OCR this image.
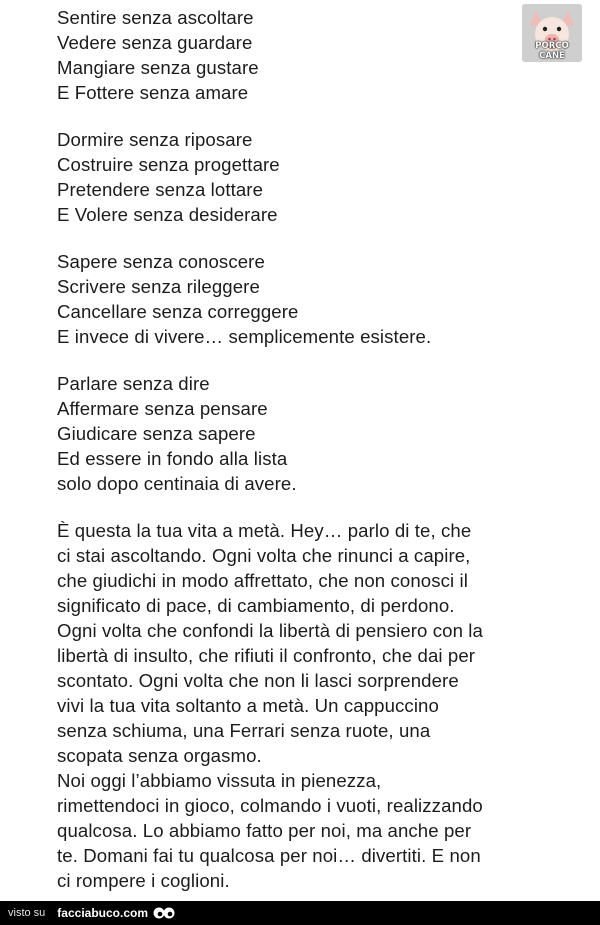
Sentire senza ascoltare
Vedere senza guardare
Mangiare senza gustare
E Fottere senza amare
Dormire senza riposare
Costruire senza progettare
Pretendere senza lottare
E Volere senza desiderare
Sapere senza conoscere
Scrivere senza rileggere
Cancellare senza correggere
E invece di vivere… semplicemente esistere.
Parlare senza dire
Affermare senza pensare
Giudicare senza sapere
Ed essere in fondo alla lista
solo dopo centinaia di avere.
È questa la tua vita a metà. Hey… parlo di te, che
ci stai ascoltando. Ogni volta che rinunci a capire,
che giudichi in modo affrettato, che non conosci il
significato di pace, di cambiamento, di perdono.
Ogni volta che confondi la libertà di pensiero con la
libertà di insulto, che rifiuti il confronto, che dai per
scontato. Ogni volta che non li lasci sorprendere
vivi la tua vita soltanto a metà. Un cappuccino
senza schiuma, una Ferrari senza ruote, una
scopata senza orgasmo.
Noi oggi l’abbiamo vissuta in pienezza,
rimettendoci in gioco, colmando i vuoti, realizzando
qualcosa. Lo abbiamo fatto per noi, ma anche per
te. Domani fai tu qualcosa per noi… divertiti. E non
ci rompere i coglioni.
PORCO CANE
visto su facciabuco.com
